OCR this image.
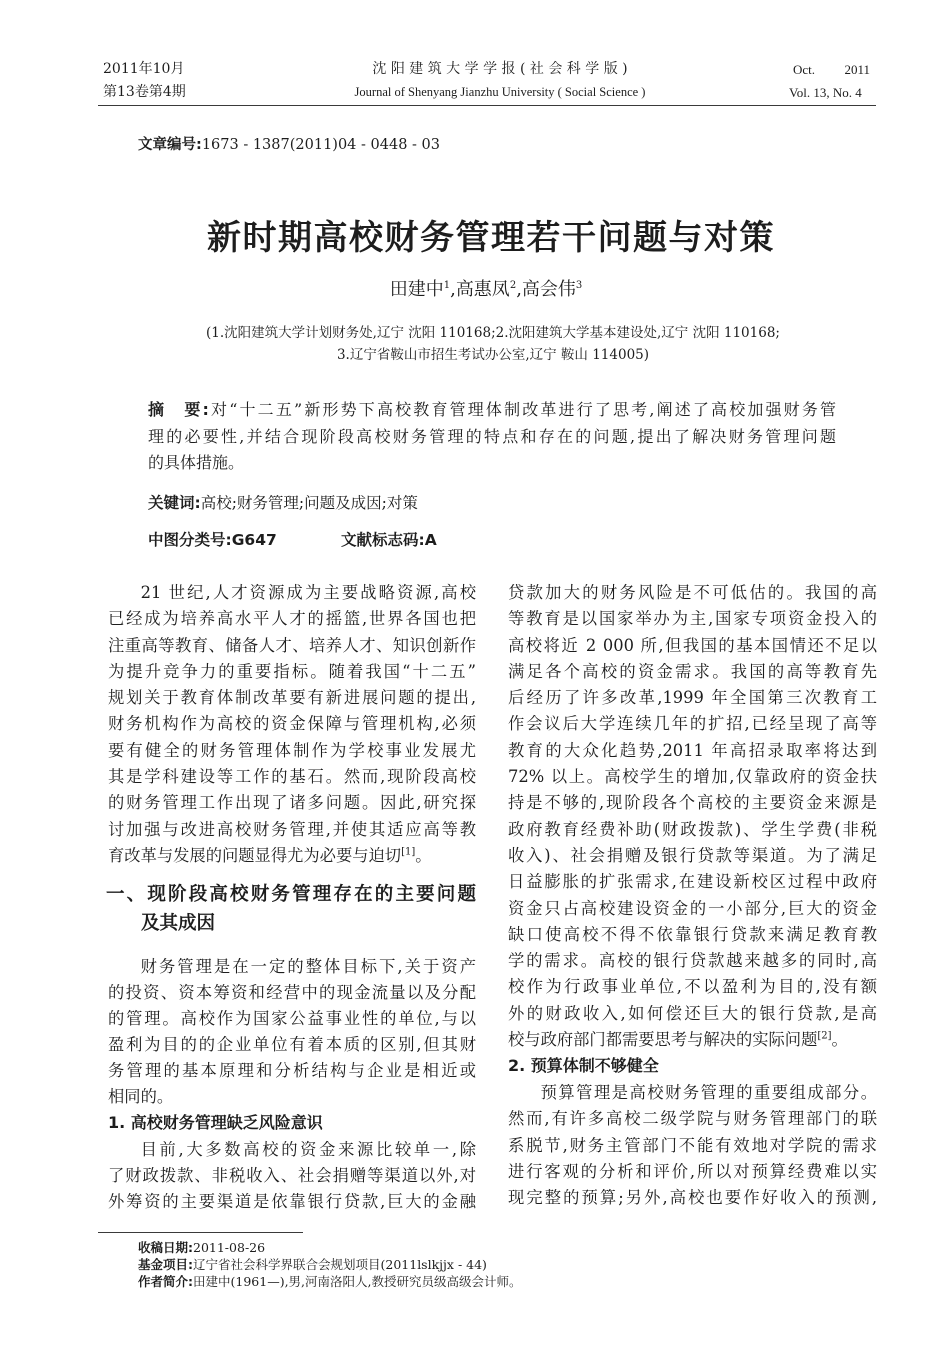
2011年10月
第13卷第4期
沈 阳 建 筑 大 学 学 报 ( 社 会 科 学 版 )
Journal of Shenyang Jianzhu University ( Social Science )
Oct. 2011
Vol. 13, No. 4
文章编号:1673 - 1387(2011)04 - 0448 - 03
新时期高校财务管理若干问题与对策
田建中$^1$,高惠凤$^2$,高会伟$^3$
(1.沈阳建筑大学计划财务处,辽宁 沈阳 110168;2.沈阳建筑大学基本建设处,辽宁 沈阳 110168;
3.辽宁省鞍山市招生考试办公室,辽宁 鞍山 114005)
摘　要:对“十二五”新形势下高校教育管理体制改革进行了思考,阐述了高校加强财务管
理的必要性,并结合现阶段高校财务管理的特点和存在的问题,提出了解决财务管理问题
的具体措施。
关键词:高校;财务管理;问题及成因;对策
中图分类号:G647	文献标志码:A
21 世纪,人才资源成为主要战略资源,高校
已经成为培养高水平人才的摇篮,世界各国也把
注重高等教育、储备人才、培养人才、知识创新作
为提升竞争力的重要指标。随着我国“十二五”
规划关于教育体制改革要有新进展问题的提出,
财务机构作为高校的资金保障与管理机构,必须
要有健全的财务管理体制作为学校事业发展尤
其是学科建设等工作的基石。然而,现阶段高校
的财务管理工作出现了诸多问题。因此,研究探
讨加强与改进高校财务管理,并使其适应高等教
育改革与发展的问题显得尤为必要与迫切[1]。
一、现阶段高校财务管理存在的主要问题
及其成因
财务管理是在一定的整体目标下,关于资产
的投资、资本筹资和经营中的现金流量以及分配
的管理。高校作为国家公益事业性的单位,与以
盈利为目的的企业单位有着本质的区别,但其财
务管理的基本原理和分析结构与企业是相近或
相同的。
1. 高校财务管理缺乏风险意识
目前,大多数高校的资金来源比较单一,除
了财政拨款、非税收入、社会捐赠等渠道以外,对
外筹资的主要渠道是依靠银行贷款,巨大的金融
贷款加大的财务风险是不可低估的。我国的高
等教育是以国家举办为主,国家专项资金投入的
高校将近 2 000 所,但我国的基本国情还不足以
满足各个高校的资金需求。我国的高等教育先
后经历了许多改革,1999 年全国第三次教育工
作会议后大学连续几年的扩招,已经呈现了高等
教育的大众化趋势,2011 年高招录取率将达到
72% 以上。高校学生的增加,仅靠政府的资金扶
持是不够的,现阶段各个高校的主要资金来源是
政府教育经费补助(财政拨款)、学生学费(非税
收入)、社会捐赠及银行贷款等渠道。为了满足
日益膨胀的扩张需求,在建设新校区过程中政府
资金只占高校建设资金的一小部分,巨大的资金
缺口使高校不得不依靠银行贷款来满足教育教
学的需求。高校的银行贷款越来越多的同时,高
校作为行政事业单位,不以盈利为目的,没有额
外的财政收入,如何偿还巨大的银行贷款,是高
校与政府部门都需要思考与解决的实际问题[2]。
2. 预算体制不够健全
预算管理是高校财务管理的重要组成部分。
然而,有许多高校二级学院与财务管理部门的联
系脱节,财务主管部门不能有效地对学院的需求
进行客观的分析和评价,所以对预算经费难以实
现完整的预算;另外,高校也要作好收入的预测,
收稿日期:2011-08-26
基金项目:辽宁省社会科学界联合会规划项目(2011lslkjjx - 44)
作者简介:田建中(1961—),男,河南洛阳人,教授研究员级高级会计师。
